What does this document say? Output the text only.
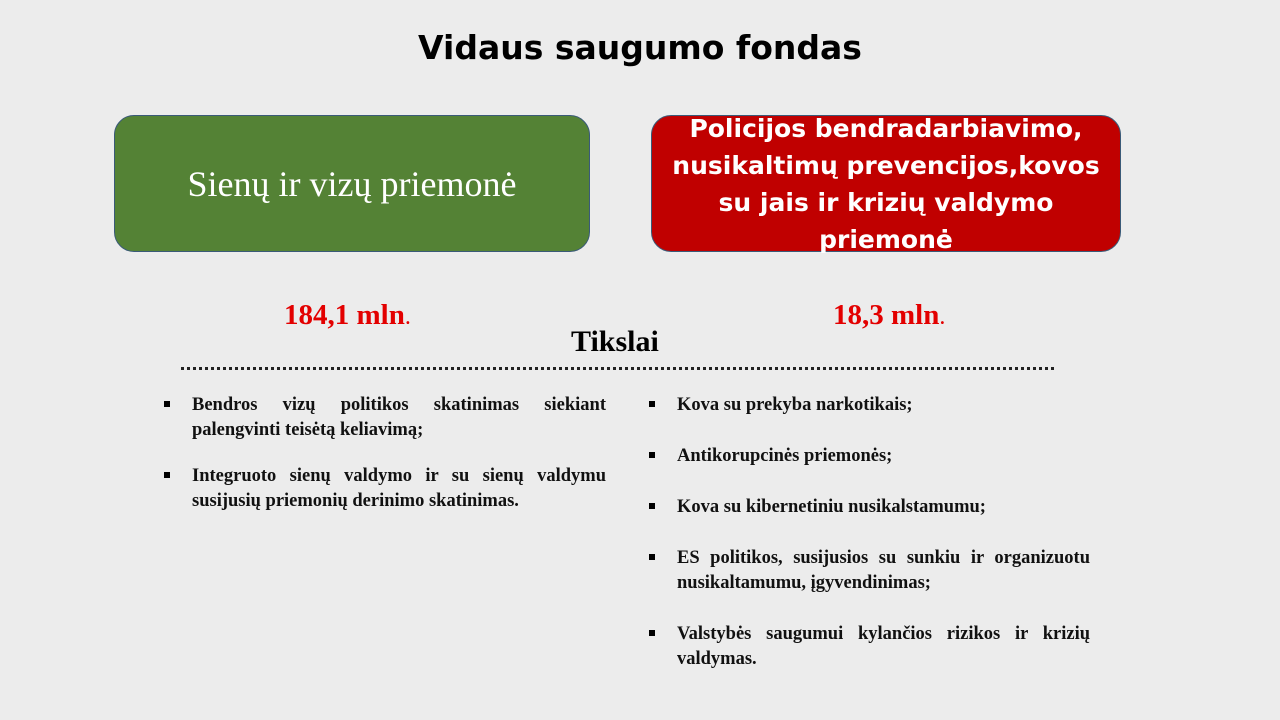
Vidaus saugumo fondas
Sienų ir vizų priemonė
Policijos bendradarbiavimo, nusikaltimų prevencijos,kovos su jais ir krizių valdymo priemonė
184,1 mln.	18,3 mln.
Tikslai
Bendros vizų politikos skatinimas siekiant palengvinti teisėtą keliavimą;
Integruoto sienų valdymo ir su sienų valdymu susijusių priemonių derinimo skatinimas.
Kova su prekyba narkotikais;
Antikorupcinės priemonės;
Kova su kibernetiniu nusikalstamumu;
ES politikos, susijusios su sunkiu ir organizuotu nusikaltamumu, įgyvendinimas;
Valstybės saugumui kylančios rizikos ir krizių valdymas.
